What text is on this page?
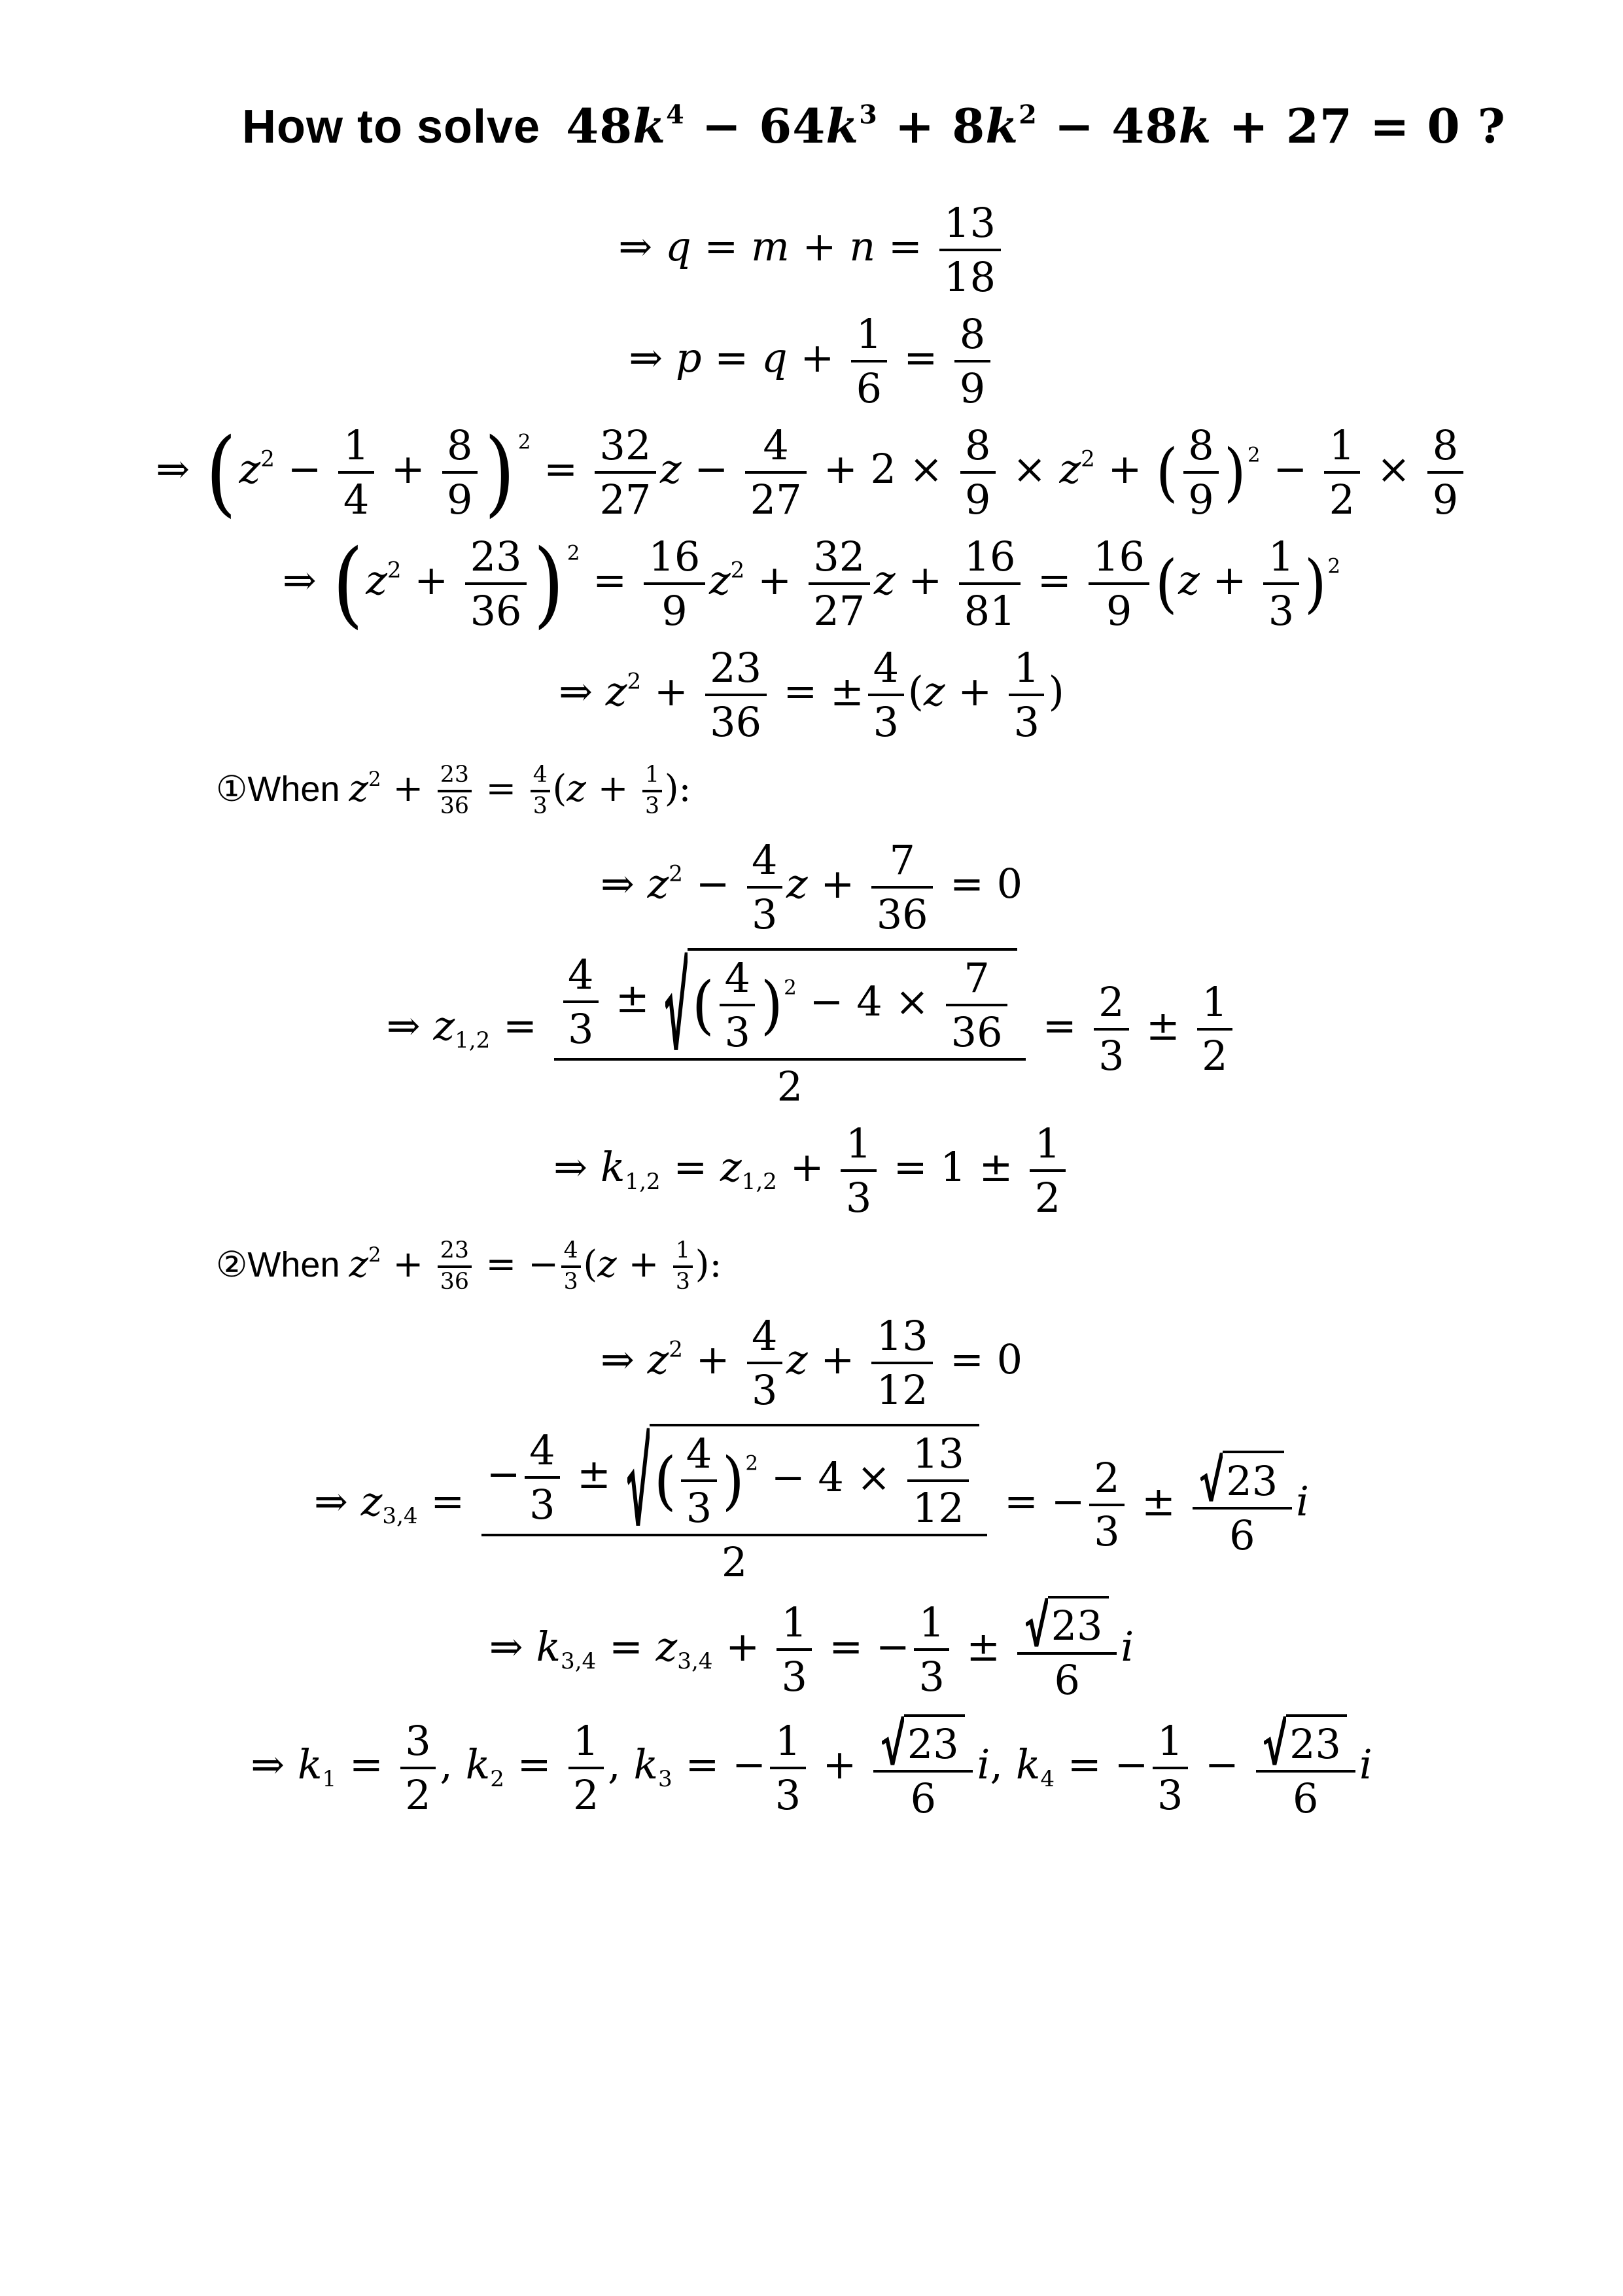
How to solve $48k^4 - 64k^3 + 8k^2 - 48k + 27 = 0$ ?
⇒ $q = m + n = \frac{13}{18}$
⇒ $p = q + \frac{1}{6} = \frac{8}{9}$
⇒ ($z^2 - \frac{1}{4} + \frac{8}{9}$ ) $^2 = \frac{32}{27}$ $z - \frac{4}{27} + 2 \times \frac{8}{9} \times z^2$ + ( $\frac{8}{9} )^2 - \frac{1}{2} \times \frac{8}{9}$
⇒ ($z^2 + \frac{23}{36}$ ) $^2 = \frac{16}{9} z^2 + \frac{32}{27}$ $z + \frac{16}{81} = \frac{16}{9} (z + \frac{1}{3} )^2$
⇒ $z^2 + \frac{23}{36}$ = ± $\frac{4}{3} (z + \frac{1}{3}$ )
①When $z^2 + \frac{23}{36} = \frac{4}{3} (z + \frac{1}{3}$ ):
⇒ $z^2 - \frac{4}{3}$ $z + \frac{7}{36} = 0$
⇒ $z_{1,2} = \frac{\frac{4}{3} \pm ( \frac{4}{3} )^2 - 4 \times \frac{7}{36}}{2} = \frac{2}{3} \pm \frac{1}{2}$
⇒ $k_{1,2} = z_{1,2} + \frac{1}{3} = 1 \pm \frac{1}{2}$
②When $z^2 + \frac{23}{36}$ = − $\frac{4}{3} (z + \frac{1}{3}$ ):
⇒ $z^2 + \frac{4}{3}$ $z + \frac{13}{12} = 0$
⇒ $z_{3,4} = \frac{- \frac{4}{3} \pm ( \frac{4}{3} )^2 - 4 \times \frac{13}{12}}{2}$ = − $\frac{2}{3} \pm \frac{23}{6}$ i
⇒ $k_{3,4} = z_{3,4} + \frac{1}{3}$ = − $\frac{1}{3} \pm \frac{23}{6}$ i
⇒ $k_1 = \frac{3}{2}$ , $k_2 = \frac{1}{2}$ , $k_3$ = − $\frac{1}{3} + \frac{23}{6} i$, $k_4$ = − $\frac{1}{3} - \frac{23}{6}$ i
